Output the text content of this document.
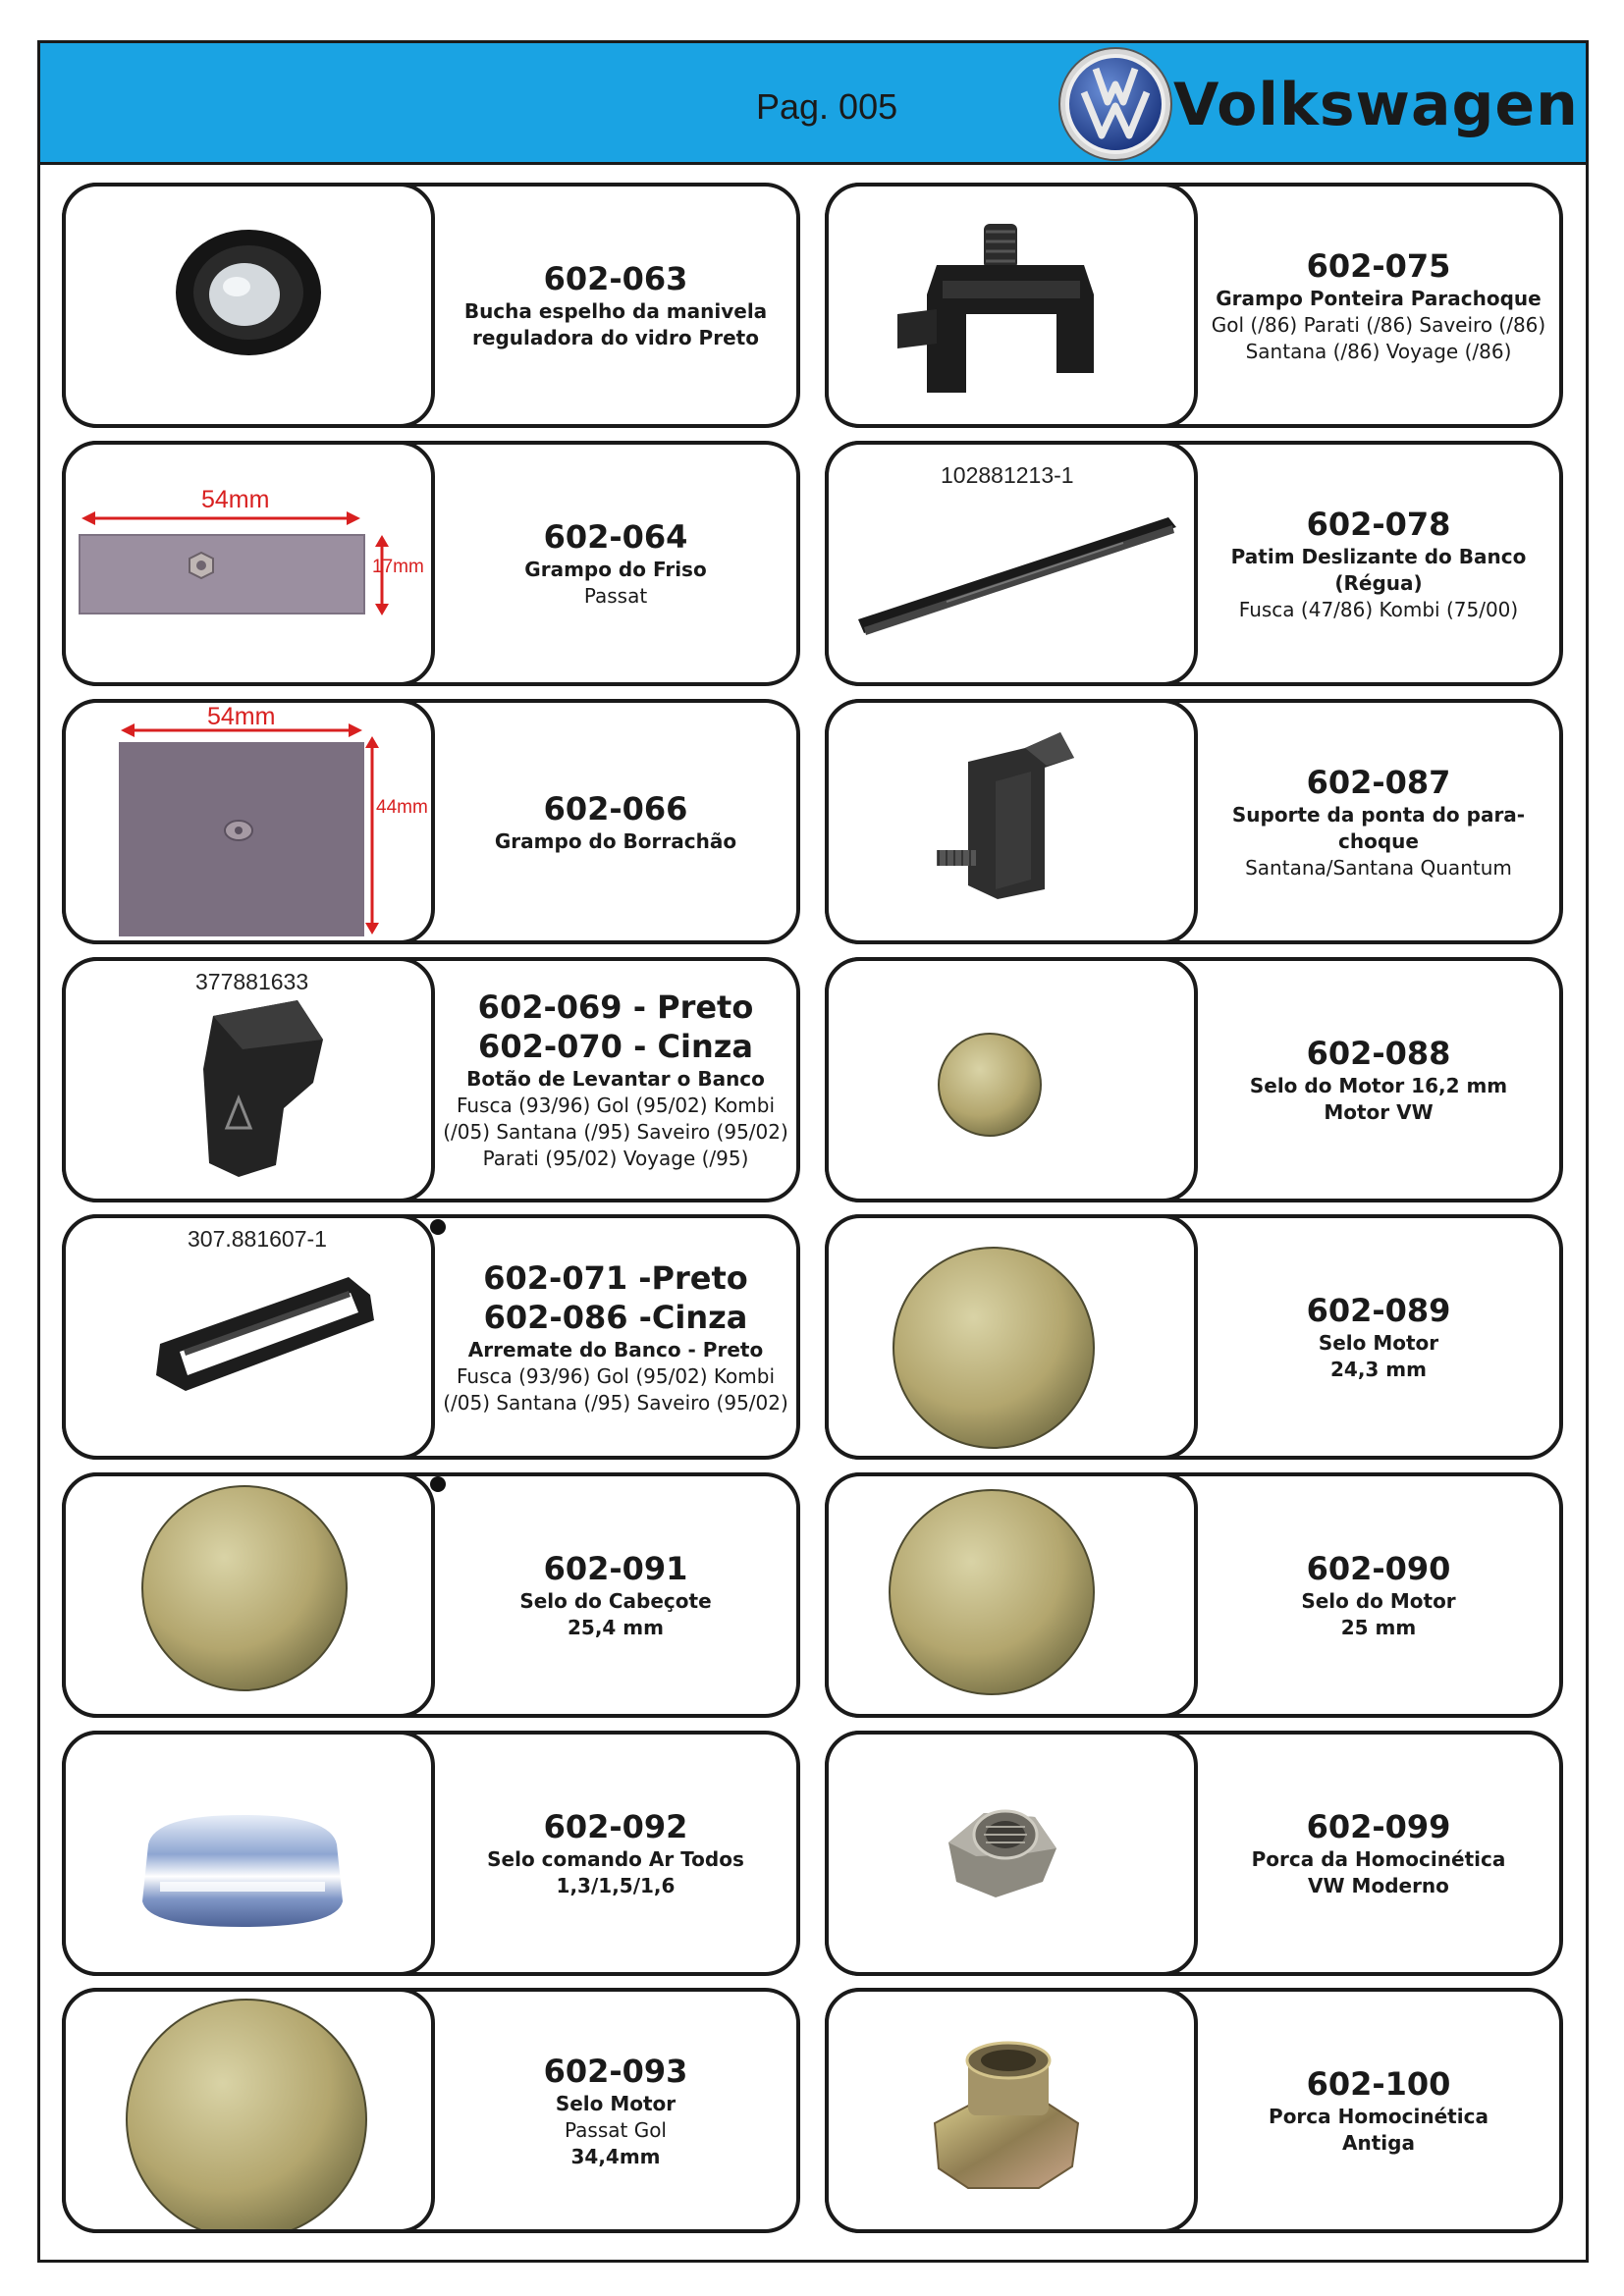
Pag. 005	Volkswagen
602-063
Bucha espelho da manivela
reguladora do vidro Preto
602-075
Grampo Ponteira Parachoque
Gol (/86) Parati (/86) Saveiro (/86)
Santana (/86) Voyage (/86)
54mm
17mm
602-064
Grampo do Friso
Passat
102881213-1
602-078
Patim Deslizante do Banco
(Régua)
Fusca (47/86) Kombi (75/00)
54mm
44mm	602-066
Grampo do Borrachão
602-087
Suporte da ponta do para-
choque
Santana/Santana Quantum
377881633
602-069 - Preto
602-070 - Cinza
Botão de Levantar o Banco
Fusca (93/96) Gol (95/02) Kombi
(/05) Santana (/95) Saveiro (95/02)
Parati (95/02) Voyage (/95)
602-088
Selo do Motor 16,2 mm
Motor VW
307.881607-1
602-071 -Preto
602-086 -Cinza
Arremate do Banco - Preto
Fusca (93/96) Gol (95/02) Kombi
(/05) Santana (/95) Saveiro (95/02)
602-089
Selo Motor
24,3 mm
602-091
Selo do Cabeçote
25,4 mm
602-090
Selo do Motor
25 mm
602-092
Selo comando Ar Todos
1,3/1,5/1,6
602-099
Porca da Homocinética
VW Moderno
602-093
Selo Motor
Passat Gol
34,4mm
602-100
Porca Homocinética
Antiga
